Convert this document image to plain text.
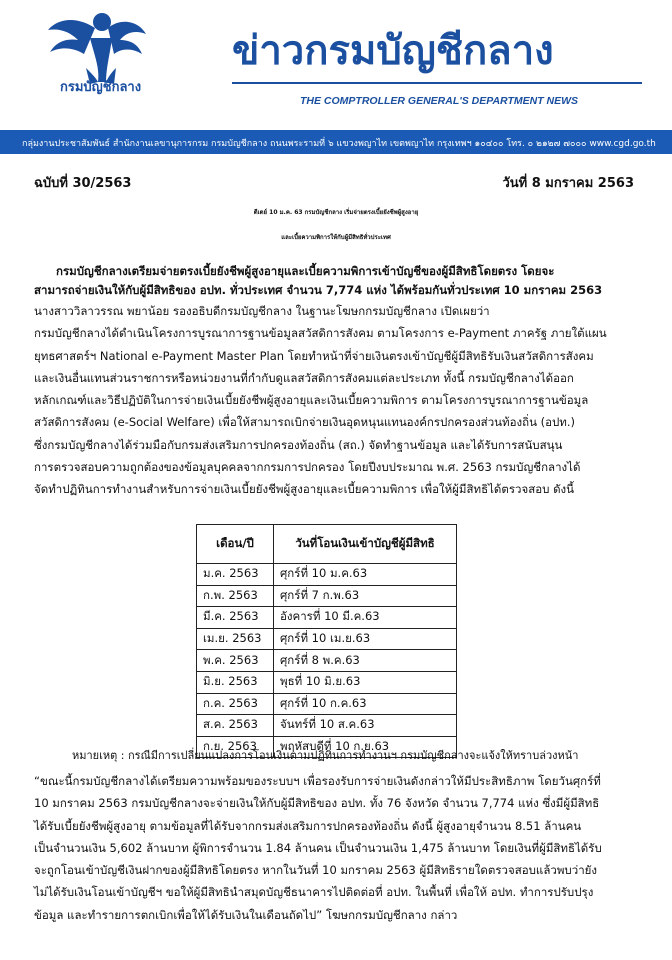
กรมบัญชีกลาง
ข่าวกรมบัญชีกลาง
THE COMPTROLLER GENERAL'S DEPARTMENT NEWS
กลุ่มงานประชาสัมพันธ์ สำนักงานเลขานุการกรม กรมบัญชีกลาง ถนนพระรามที่ ๖ แขวงพญาไท เขตพญาไท กรุงเทพฯ ๑๐๔๐๐ โทร. ๐ ๒๑๒๗ ๗๐๐๐ www.cgd.go.th
ฉบับที่ 30/2563	วันที่ 8 มกราคม 2563
ดีเดย์ 10 ม.ค. 63 กรมบัญชีกลาง เริ่มจ่ายตรงเบี้ยยังชีพผู้สูงอายุ
และเบี้ยความพิการให้กับผู้มีสิทธิทั่วประเทศ
กรมบัญชีกลางเตรียมจ่ายตรงเบี้ยยังชีพผู้สูงอายุและเบี้ยความพิการเข้าบัญชีของผู้มีสิทธิโดยตรง โดยจะ
สามารถจ่ายเงินให้กับผู้มีสิทธิของ อปท. ทั่วประเทศ จำนวน 7,774 แห่ง ได้พร้อมกันทั่วประเทศ 10 มกราคม 2563

นางสาววิลาวรรณ พยาน้อย รองอธิบดีกรมบัญชีกลาง ในฐานะโฆษกกรมบัญชีกลาง เปิดเผยว่า

กรมบัญชีกลางได้ดำเนินโครงการบูรณาการฐานข้อมูลสวัสดิการสังคม ตามโครงการ e-Payment ภาครัฐ ภายใต้แผน

ยุทธศาสตร์ฯ National e-Payment Master Plan โดยทำหน้าที่จ่ายเงินตรงเข้าบัญชีผู้มีสิทธิรับเงินสวัสดิการสังคม

และเงินอื่นแทนส่วนราชการหรือหน่วยงานที่กำกับดูแลสวัสดิการสังคมแต่ละประเภท ทั้งนี้ กรมบัญชีกลางได้ออก

หลักเกณฑ์และวิธีปฏิบัติในการจ่ายเงินเบี้ยยังชีพผู้สูงอายุและเงินเบี้ยความพิการ ตามโครงการบูรณาการฐานข้อมูล

สวัสดิการสังคม (e-Social Welfare) เพื่อให้สามารถเบิกจ่ายเงินอุดหนุนแทนองค์กรปกครองส่วนท้องถิ่น (อปท.)

ซึ่งกรมบัญชีกลางได้ร่วมมือกับกรมส่งเสริมการปกครองท้องถิ่น (สถ.) จัดทำฐานข้อมูล และได้รับการสนับสนุน

การตรวจสอบความถูกต้องของข้อมูลบุคคลจากกรมการปกครอง โดยปีงบประมาณ พ.ศ. 2563 กรมบัญชีกลางได้

จัดทำปฏิทินการทำงานสำหรับการจ่ายเงินเบี้ยยังชีพผู้สูงอายุและเบี้ยความพิการ เพื่อให้ผู้มีสิทธิได้ตรวจสอบ ดังนี้

เดือน/ปี	วันที่โอนเงินเข้าบัญชีผู้มีสิทธิ
ม.ค. 2563	ศุกร์ที่ 10 ม.ค.63
ก.พ. 2563	ศุกร์ที่ 7 ก.พ.63
มี.ค. 2563	อังคารที่ 10 มี.ค.63
เม.ย. 2563	ศุกร์ที่ 10 เม.ย.63
พ.ค. 2563	ศุกร์ที่ 8 พ.ค.63
มิ.ย. 2563	พุธที่ 10 มิ.ย.63
ก.ค. 2563	ศุกร์ที่ 10 ก.ค.63
ส.ค. 2563	จันทร์ที่ 10 ส.ค.63
ก.ย. 2563	พฤหัสบดีที่ 10 ก.ย.63
หมายเหตุ : กรณีมีการเปลี่ยนแปลงการโอนเงินตามปฏิทินการทำงานฯ กรมบัญชีกลางจะแจ้งให้ทราบล่วงหน้า

“ขณะนี้กรมบัญชีกลางได้เตรียมความพร้อมของระบบฯ เพื่อรองรับการจ่ายเงินดังกล่าวให้มีประสิทธิภาพ โดยวันศุกร์ที่

10 มกราคม 2563 กรมบัญชีกลางจะจ่ายเงินให้กับผู้มีสิทธิของ อปท. ทั้ง 76 จังหวัด จำนวน 7,774 แห่ง ซึ่งมีผู้มีสิทธิ

ได้รับเบี้ยยังชีพผู้สูงอายุ ตามข้อมูลที่ได้รับจากกรมส่งเสริมการปกครองท้องถิ่น ดังนี้ ผู้สูงอายุจำนวน 8.51 ล้านคน

เป็นจำนวนเงิน 5,602 ล้านบาท ผู้พิการจำนวน 1.84 ล้านคน เป็นจำนวนเงิน 1,475 ล้านบาท โดยเงินที่ผู้มีสิทธิได้รับ

จะถูกโอนเข้าบัญชีเงินฝากของผู้มีสิทธิโดยตรง หากในวันที่ 10 มกราคม 2563 ผู้มีสิทธิรายใดตรวจสอบแล้วพบว่ายัง

ไม่ได้รับเงินโอนเข้าบัญชีฯ ขอให้ผู้มีสิทธินำสมุดบัญชีธนาคารไปติดต่อที่ อปท. ในพื้นที่ เพื่อให้ อปท. ทำการปรับปรุง

ข้อมูล และทำรายการตกเบิกเพื่อให้ได้รับเงินในเดือนถัดไป” โฆษกกรมบัญชีกลาง กล่าว
